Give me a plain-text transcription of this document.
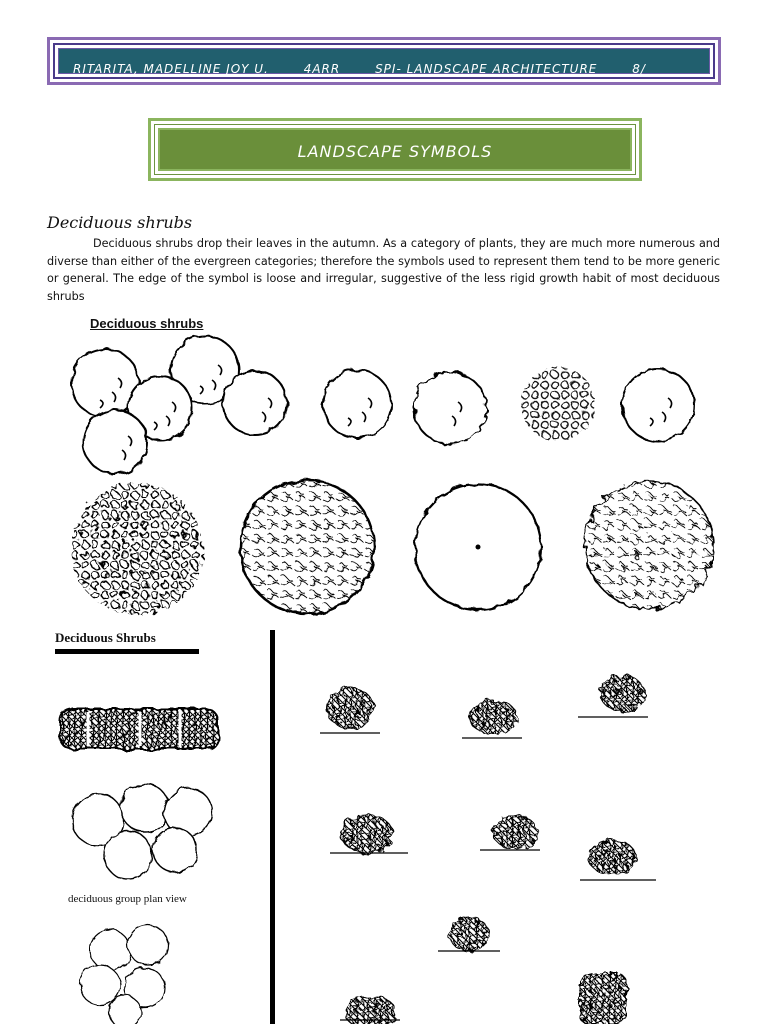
RITARITA, MADELLINE JOY U.	4ARR	SPI- LANDSCAPE ARCHITECTURE	8/
LANDSCAPE SYMBOLS
Deciduous shrubs
Deciduous shrubs drop their leaves in the autumn. As a category of plants, they are much more numerous and diverse than either of the evergreen categories; therefore the symbols used to represent them tend to be more generic or general. The edge of the symbol is loose and irregular, suggestive of the less rigid growth habit of most deciduous shrubs
Deciduous shrubs
Deciduous Shrubs
deciduous group plan view
